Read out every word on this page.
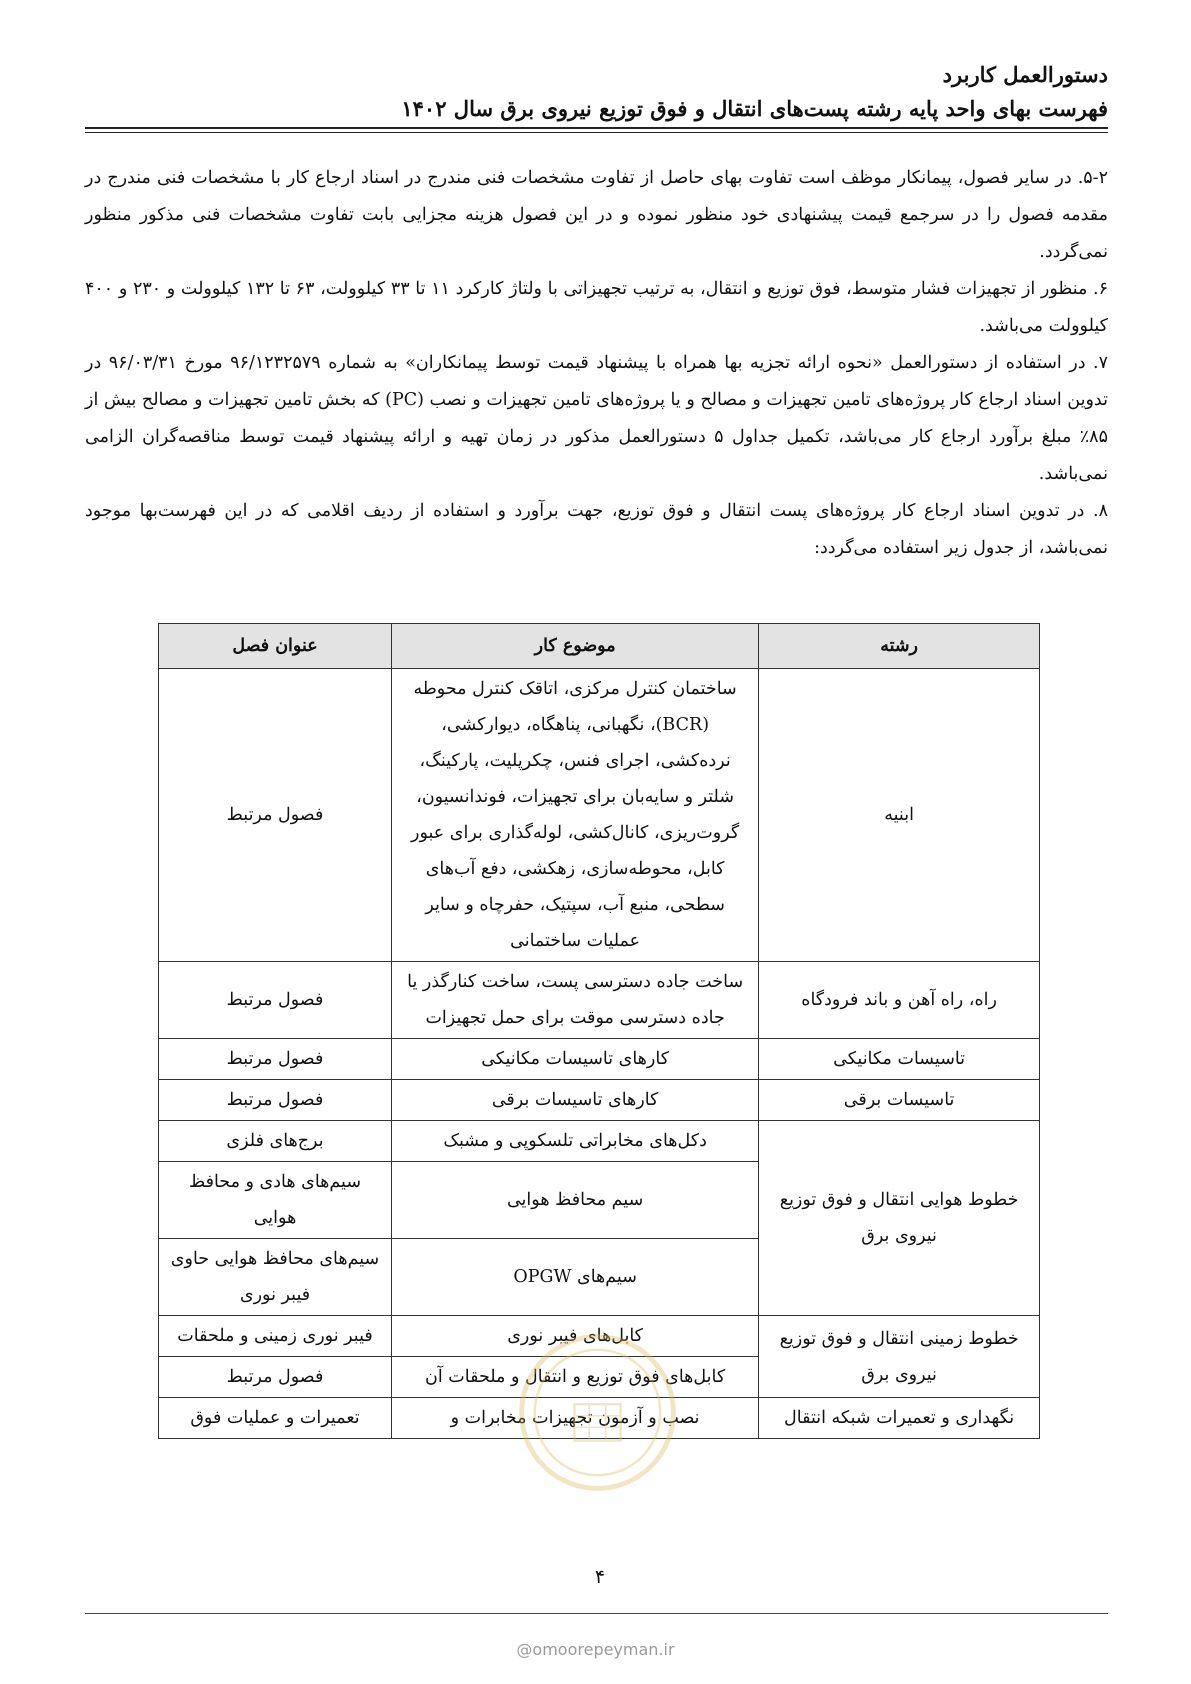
دستورالعمل کاربرد
فهرست بهای واحد پایه رشته پست‌های انتقال و فوق توزیع نیروی برق سال ۱۴۰۲

۵-۲. در سایر فصول، پیمانکار موظف است تفاوت بهای حاصل از تفاوت مشخصات فنی مندرج در اسناد ارجاع کار با مشخصات فنی مندرج در مقدمه فصول را در سرجمع قیمت پیشنهادی خود منظور نموده و در این فصول هزینه مجزایی بابت تفاوت مشخصات فنی مذکور منظور نمی‌گردد.

۶. منظور از تجهیزات فشار متوسط، فوق توزیع و انتقال، به ترتیب تجهیزاتی با ولتاژ کارکرد ۱۱ تا ۳۳ کیلوولت، ۶۳ تا ۱۳۲ کیلوولت و ۲۳۰ و ۴۰۰ کیلوولت می‌باشد.

۷. در استفاده از دستورالعمل «نحوه ارائه تجزیه بها همراه با پیشنهاد قیمت توسط پیمانکاران» به شماره ۹۶/۱۲۳۲۵۷۹ مورخ ۹۶/۰۳/۳۱ در تدوین اسناد ارجاع کار پروژه‌های تامین تجهیزات و مصالح و یا پروژه‌های تامین تجهیزات و نصب (PC) که بخش تامین تجهیزات و مصالح بیش از ۸۵٪ مبلغ برآورد ارجاع کار می‌باشد، تکمیل جداول ۵ دستورالعمل مذکور در زمان تهیه و ارائه پیشنهاد قیمت توسط مناقصه‌گران الزامی نمی‌باشد.

۸. در تدوین اسناد ارجاع کار پروژه‌های پست انتقال و فوق توزیع، جهت برآورد و استفاده از ردیف اقلامی که در این فهرست‌بها موجود نمی‌باشد، از جدول زیر استفاده می‌گردد:

رشته	موضوع کار	عنوان فصل
ابنیه	ساختمان کنترل مرکزی، اتاقک کنترل محوطه (BCR)، نگهبانی، پناهگاه، دیوارکشی، نرده‌کشی، اجرای فنس، چکرپلیت، پارکینگ، شلتر و سایه‌بان برای تجهیزات، فوندانسیون، گروت‌ریزی، کانال‌کشی، لوله‌گذاری برای عبور کابل، محوطه‌سازی، زهکشی، دفع آب‌های سطحی، منبع آب، سپتیک، حفرچاه و سایر عملیات ساختمانی	فصول مرتبط
راه، راه آهن و باند فرودگاه	ساخت جاده دسترسی پست، ساخت کنارگذر یا جاده دسترسی موقت برای حمل تجهیزات	فصول مرتبط
تاسیسات مکانیکی	کارهای تاسیسات مکانیکی	فصول مرتبط
تاسیسات برقی	کارهای تاسیسات برقی	فصول مرتبط
خطوط هوایی انتقال و فوق توزیع نیروی برق	دکل‌های مخابراتی تلسکوپی و مشبک	برج‌های فلزی
	سیم محافظ هوایی	سیم‌های هادی و محافظ هوایی
	سیم‌های OPGW	سیم‌های محافظ هوایی حاوی فیبر نوری
خطوط زمینی انتقال و فوق توزیع نیروی برق	کابل‌های فیبر نوری	فیبر نوری زمینی و ملحقات
	کابل‌های فوق توزیع و انتقال و ملحقات آن	فصول مرتبط
نگهداری و تعمیرات شبکه انتقال	نصب و آزمون تجهیزات مخابرات و	تعمیرات و عملیات فوق
۴
@omoorepeyman.ir
